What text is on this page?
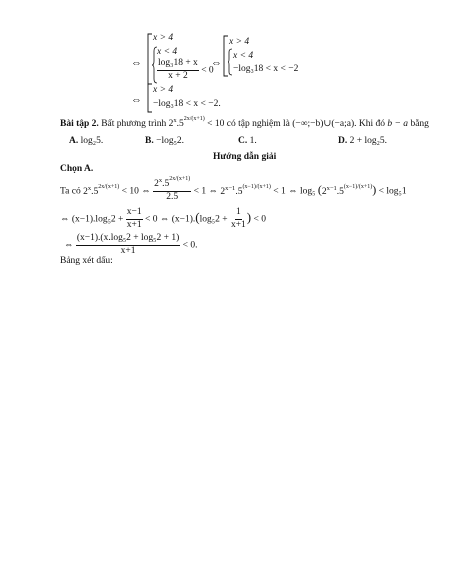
⇔
x > 4
x < 4
$\frac{\text{log₃18 + x}}{x + 2} < 0$
⇔
x > 4
x < 4
−log₃18 < x < −2
⇔
x > 4
−log₃18 < x < −2.
Bài tập 2. Bất phương trình $2^x.5^{2x/(x+1)} < 10$ có tập nghiệm là (−∞;−b)∪(−a;a). Khi đó b − a bằng
A. log₂5.	B. −log₅2.	C. 1.	D. 2 + log₂5.
Hướng dẫn giải
Chọn A.
Ta có $2^x.5^{2x/(x+1)} < 10$ ⇔ $\frac{2^x.5^{2x/(x+1)}}{2.5} < 1$ ⇔ $2^{x-1}.5^{(x-1)/(x+1)} < 1$ ⇔ log₅ $(2^{x-1}.5^{(x-1)/(x+1)}) < \log_51$
⇔ $(x-1).\log_52 + \frac{x-1}{x+1} < 0$ ⇔ $(x-1).(\log_52 + \frac{1}{x+1}$ ) < 0
⇔ $\frac{\text{(x−1).(x.log₅2 + log₅2 + 1)}}{x+1} < 0$.
Bảng xét dấu:
